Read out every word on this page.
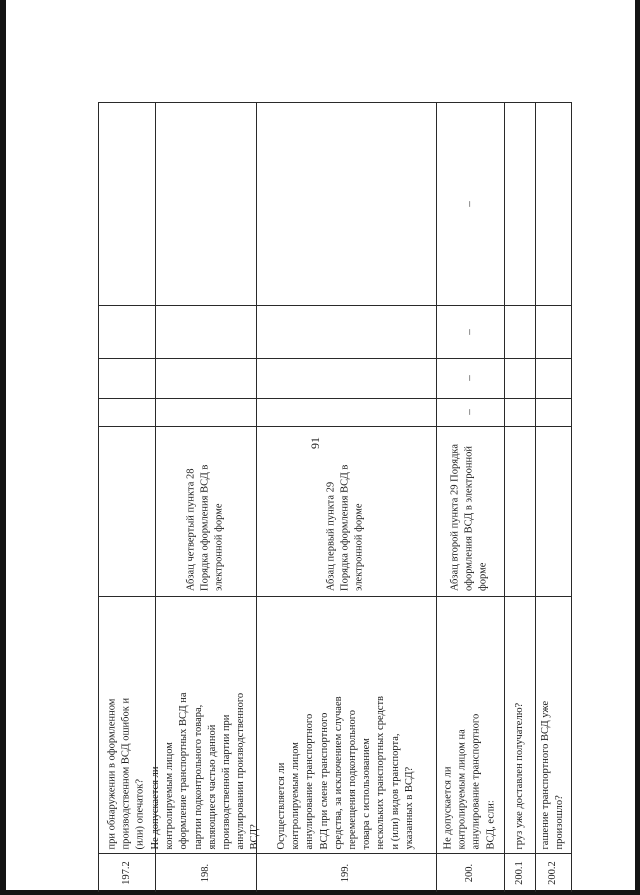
91
197.2
при обнаружении в оформленном
производственном ВСД ошибок и
(или) опечаток?
198.
Не допускается ли
контролируемым лицом
оформление транспортных ВСД на
партии подконтрольного товара,
являющиеся частью данной
производственной партии при
аннулировании производственного
ВСД?
Абзац четвертый пункта 28
Порядка оформления ВСД в
электронной форме
199.
Осуществляется ли
контролируемым лицом
аннулирование транспортного
ВСД при смене транспортного
средства, за исключением случаев
перемещения подконтрольного
товара с использованием
нескольких транспортных средств
и (или) видов транспорта,
указанных в ВСД?
Абзац первый пункта 29
Порядка оформления ВСД в
электронной форме
200.
Не допускается ли
контролируемым лицом на
аннулирование транспортного
ВСД, если:
Абзац второй пункта 29 Порядка
оформления ВСД в электронной
форме
–
–
–
–
200.1
груз уже доставлен получателю?
200.2
гашение транспортного ВСД уже
произошло?
